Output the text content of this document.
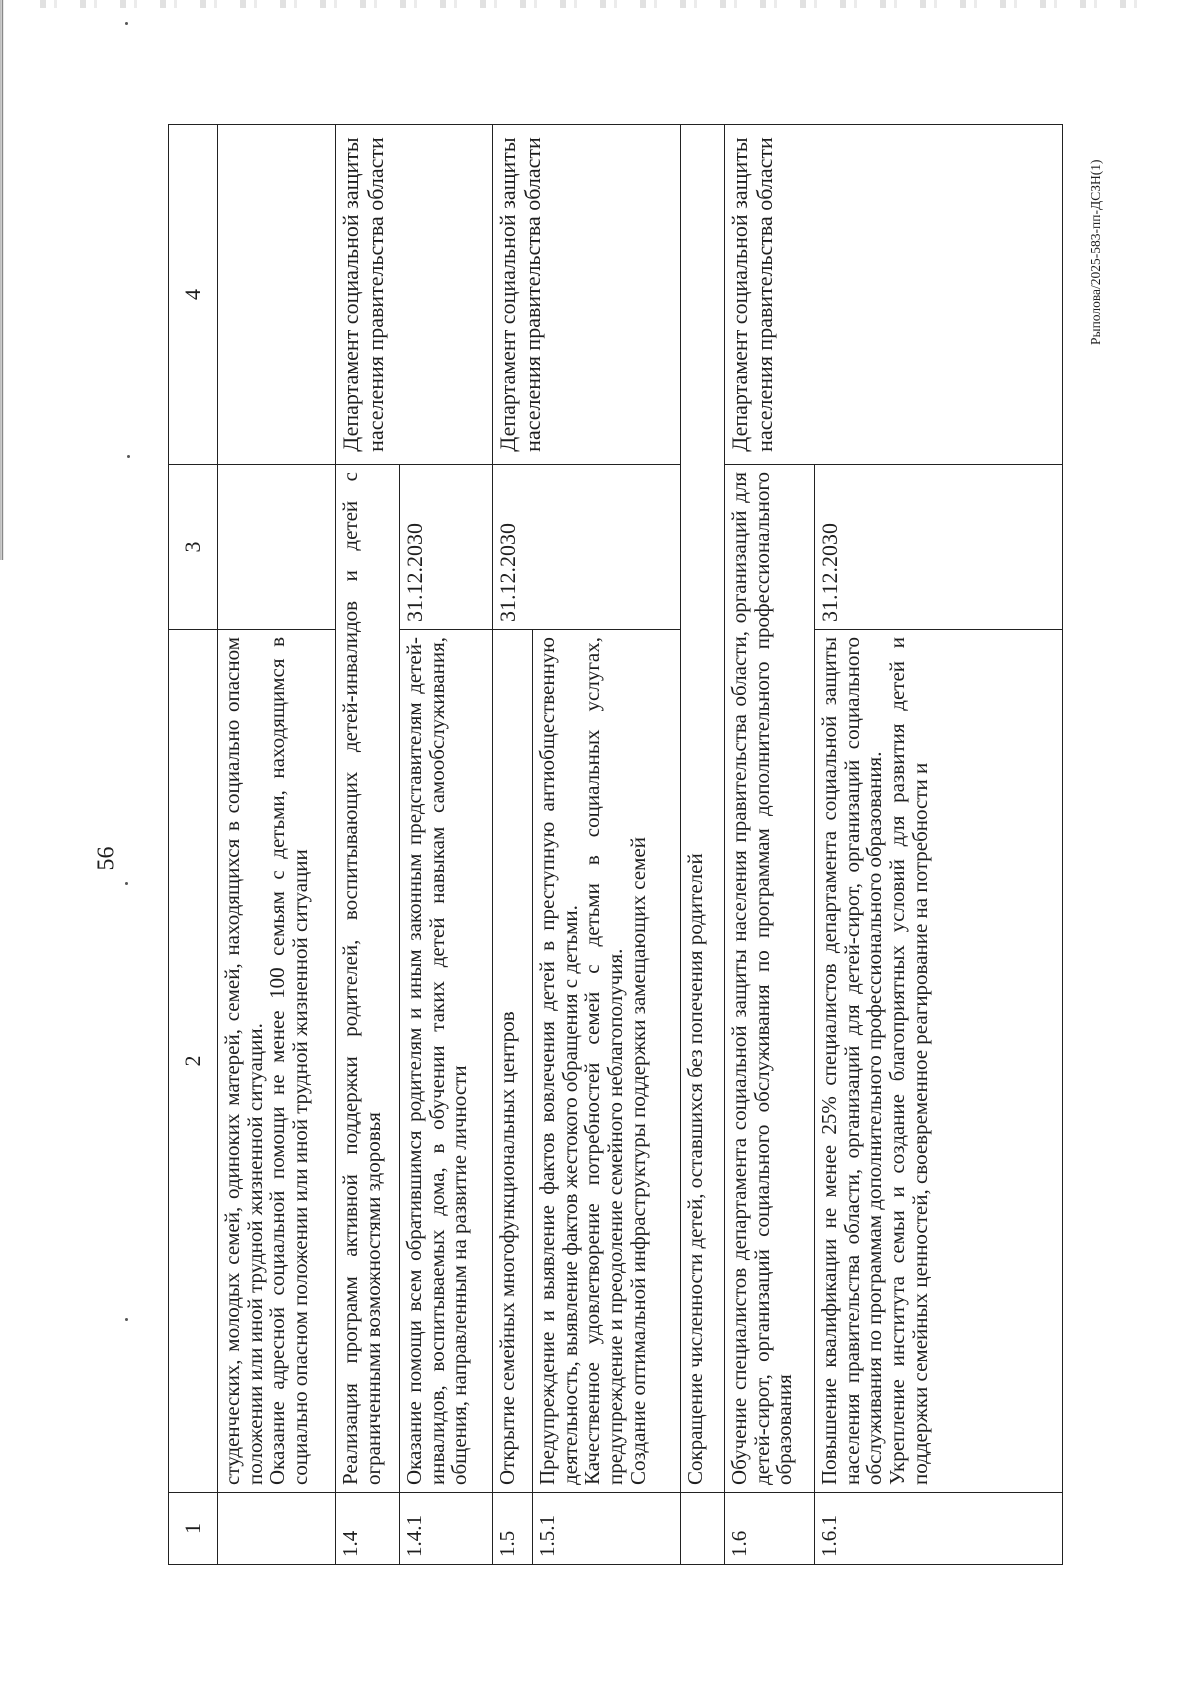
56
Рыполова/2025-583-пп-ДСЗН(1)
1	2	3	4

	студенческих, молодых семей, одиноких матерей, семей, находящихся в социально опасном положении или иной трудной жизненной ситуации.
Оказание адресной социальной помощи не менее 100 семьям с детьми, находящимся в социально опасном положении или иной трудной жизненной ситуации		

1.4	Реализация программ активной поддержки родителей, воспитывающих детей-инвалидов и детей с ограниченными возможностями здоровья		Департамент социальной защиты населения правительства области
1.4.1	Оказание помощи всем обратившимся родителям и иным законным представителям детей-инвалидов, воспитываемых дома, в обучении таких детей навыкам самообслуживания, общения, направленным на развитие личности	31.12.2030	
1.5	Открытие семейных многофункциональных центров	31.12.2030	Департамент социальной защиты населения правительства области
1.5.1	Предупреждение и выявление фактов вовлечения детей в преступную антиобщественную деятельность, выявление фактов жестокого обращения с детьми.
Качественное удовлетворение потребностей семей с детьми в социальных услугах, предупреждение и преодоление семейного неблагополучия.
Создание оптимальной инфраструктуры поддержки замещающих семей		

	Сокращение численности детей, оставшихся без попечения родителей		
1.6	Обучение специалистов департамента социальной защиты населения правительства области, организаций для детей-сирот, организаций социального обслуживания по программам дополнительного профессионального образования		Департамент социальной защиты населения правительства области
1.6.1	Повышение квалификации не менее 25% специалистов департамента социальной защиты населения правительства области, организаций для детей-сирот, организаций социального обслуживания по программам дополнительного профессионального образования.
Укрепление института семьи и создание благоприятных условий для развития детей и поддержки семейных ценностей, своевременное реагирование на потребности и	31.12.2030	
